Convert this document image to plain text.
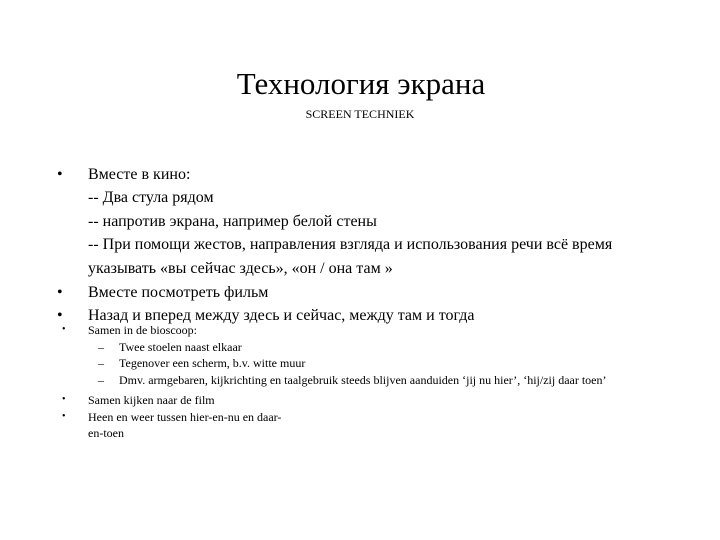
Технология экрана
SCREEN TECHNIEK
• Вместе в кино:
-- Два стула рядом
-- напротив экрана, например белой стены
-- При помощи жестов, направления взгляда и использования речи всё время указывать «вы сейчас здесь», «он / она там »
• Вместе посмотреть фильм
• Назад и вперед между здесь и сейчас, между там и тогда
• Samen in de bioscoop:
– Twee stoelen naast elkaar
– Tegenover een scherm, b.v. witte muur
– Dmv. armgebaren, kijkrichting en taalgebruik steeds blijven aanduiden ‘jij nu hier’, ‘hij/zij daar toen’
• Samen kijken naar de film
• Heen en weer tussen hier-en-nu en daar-en-toen
